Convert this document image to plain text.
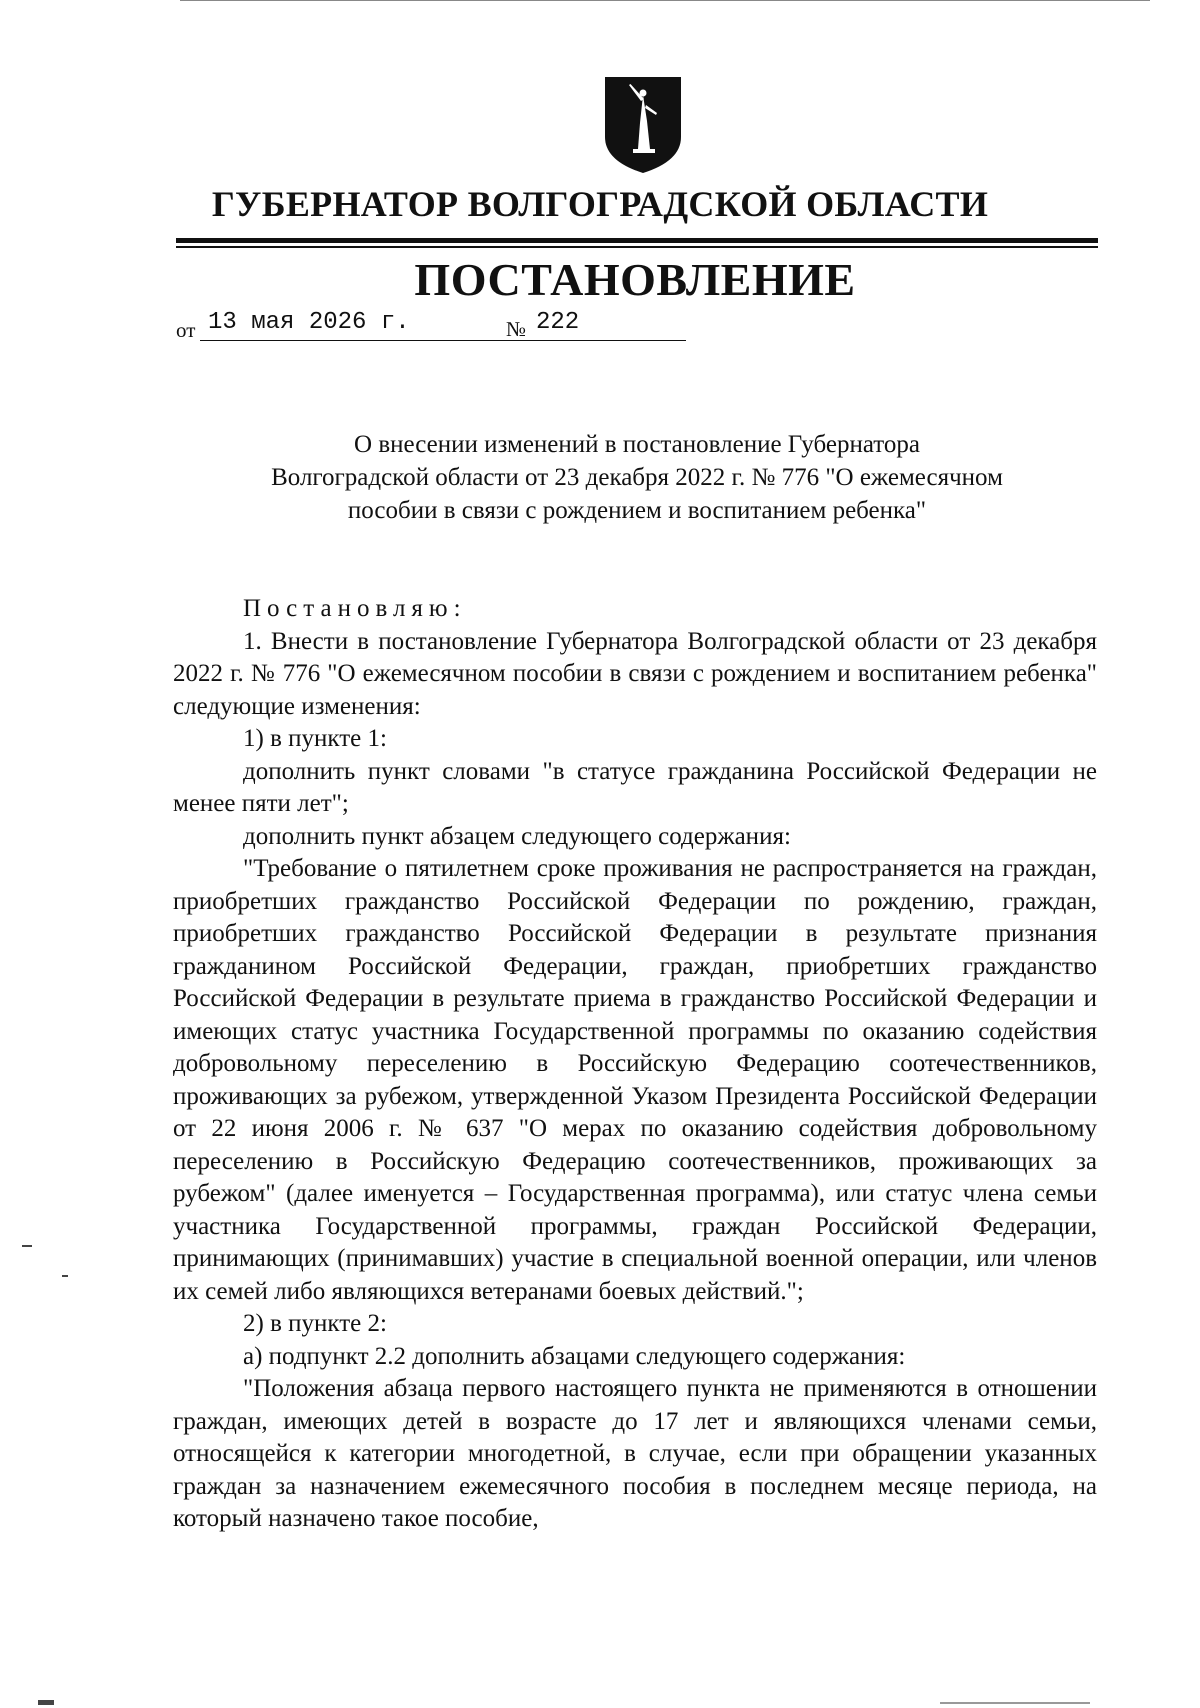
ГУБЕРНАТОР ВОЛГОГРАДСКОЙ ОБЛАСТИ
ПОСТАНОВЛЕНИЕ
от 13 мая 2026 г.	№ 222
О внесении изменений в постановление Губернатора
Волгоградской области от 23 декабря 2022 г. № 776 "О ежемесячном
пособии в связи с рождением и воспитанием ребенка"

Постановляю:

1. Внести в постановление Губернатора Волгоградской области от 23 декабря 2022 г. № 776 "О ежемесячном пособии в связи с рождением и воспитанием ребенка" следующие изменения:

1) в пункте 1:

дополнить пункт словами "в статусе гражданина Российской Федерации не менее пяти лет";

дополнить пункт абзацем следующего содержания:

"Требование о пятилетнем сроке проживания не распространяется на граждан, приобретших гражданство Российской Федерации по рождению, граждан, приобретших гражданство Российской Федерации в результате признания гражданином Российской Федерации, граждан, приобретших гражданство Российской Федерации в результате приема в гражданство Российской Федерации и имеющих статус участника Государственной программы по оказанию содействия добровольному переселению в Российскую Федерацию соотечественников, проживающих за рубежом, утвержденной Указом Президента Российской Федерации от 22 июня 2006 г. № 637 "О мерах по оказанию содействия добровольному переселению в Российскую Федерацию соотечественников, проживающих за рубежом" (далее именуется – Государственная программа), или статус члена семьи участника Государственной программы, граждан Российской Федерации, принимающих (принимавших) участие в специальной военной операции, или членов их семей либо являющихся ветеранами боевых действий.";

2) в пункте 2:

а) подпункт 2.2 дополнить абзацами следующего содержания:

"Положения абзаца первого настоящего пункта не применяются в отношении граждан, имеющих детей в возрасте до 17 лет и являющихся членами семьи, относящейся к категории многодетной, в случае, если при обращении указанных граждан за назначением ежемесячного пособия в последнем месяце периода, на который назначено такое пособие,
